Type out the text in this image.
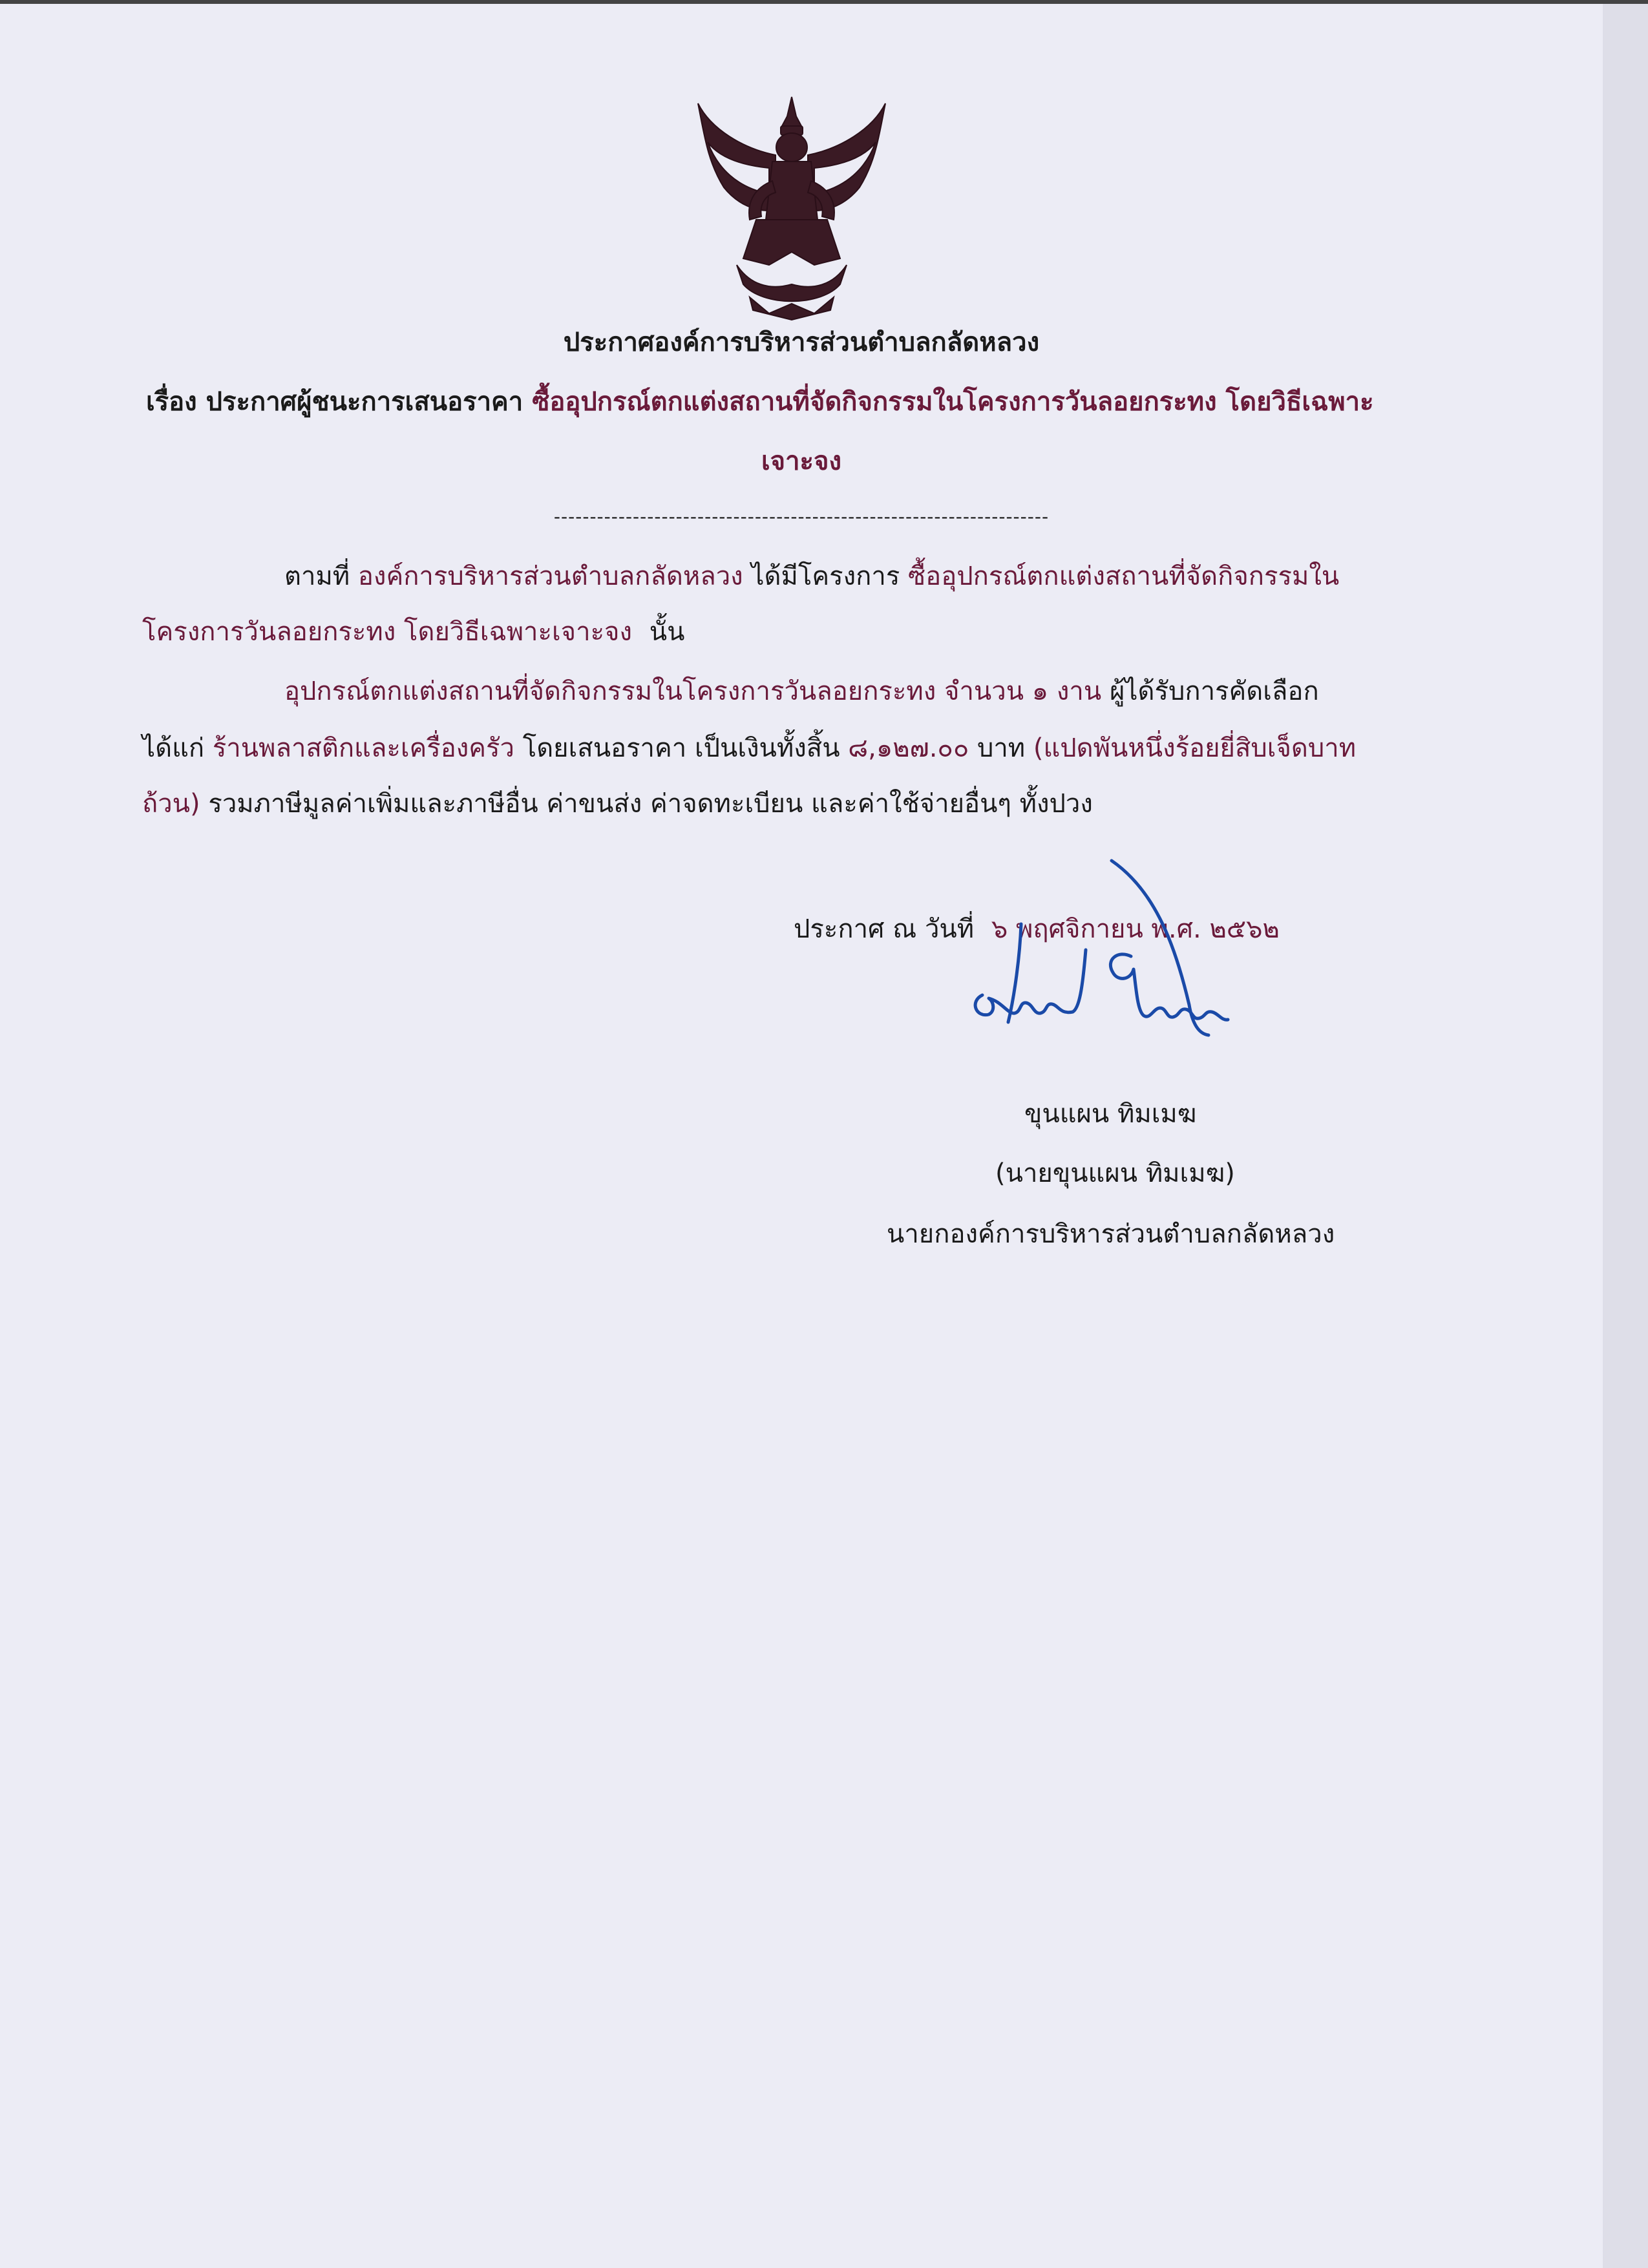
ประกาศองค์การบริหารส่วนตำบลกลัดหลวง
เรื่อง ประกาศผู้ชนะการเสนอราคา ซื้ออุปกรณ์ตกแต่งสถานที่จัดกิจกรรมในโครงการวันลอยกระทง โดยวิธีเฉพาะ
เจาะจง
---------------------------------------------------------------------
ตามที่ องค์การบริหารส่วนตำบลกลัดหลวง ได้มีโครงการ ซื้ออุปกรณ์ตกแต่งสถานที่จัดกิจกรรมใน
โครงการวันลอยกระทง โดยวิธีเฉพาะเจาะจง นั้น
อุปกรณ์ตกแต่งสถานที่จัดกิจกรรมในโครงการวันลอยกระทง จำนวน ๑ งาน ผู้ได้รับการคัดเลือก
ได้แก่ ร้านพลาสติกและเครื่องครัว โดยเสนอราคา เป็นเงินทั้งสิ้น ๘,๑๒๗.๐๐ บาท (แปดพันหนึ่งร้อยยี่สิบเจ็ดบาท
ถ้วน) รวมภาษีมูลค่าเพิ่มและภาษีอื่น ค่าขนส่ง ค่าจดทะเบียน และค่าใช้จ่ายอื่นๆ ทั้งปวง
ประกาศ ณ วันที่ ๖ พฤศจิกายน พ.ศ. ๒๕๖๒
ขุนแผน ทิมเมฆ
(นายขุนแผน ทิมเมฆ)
นายกองค์การบริหารส่วนตำบลกลัดหลวง
